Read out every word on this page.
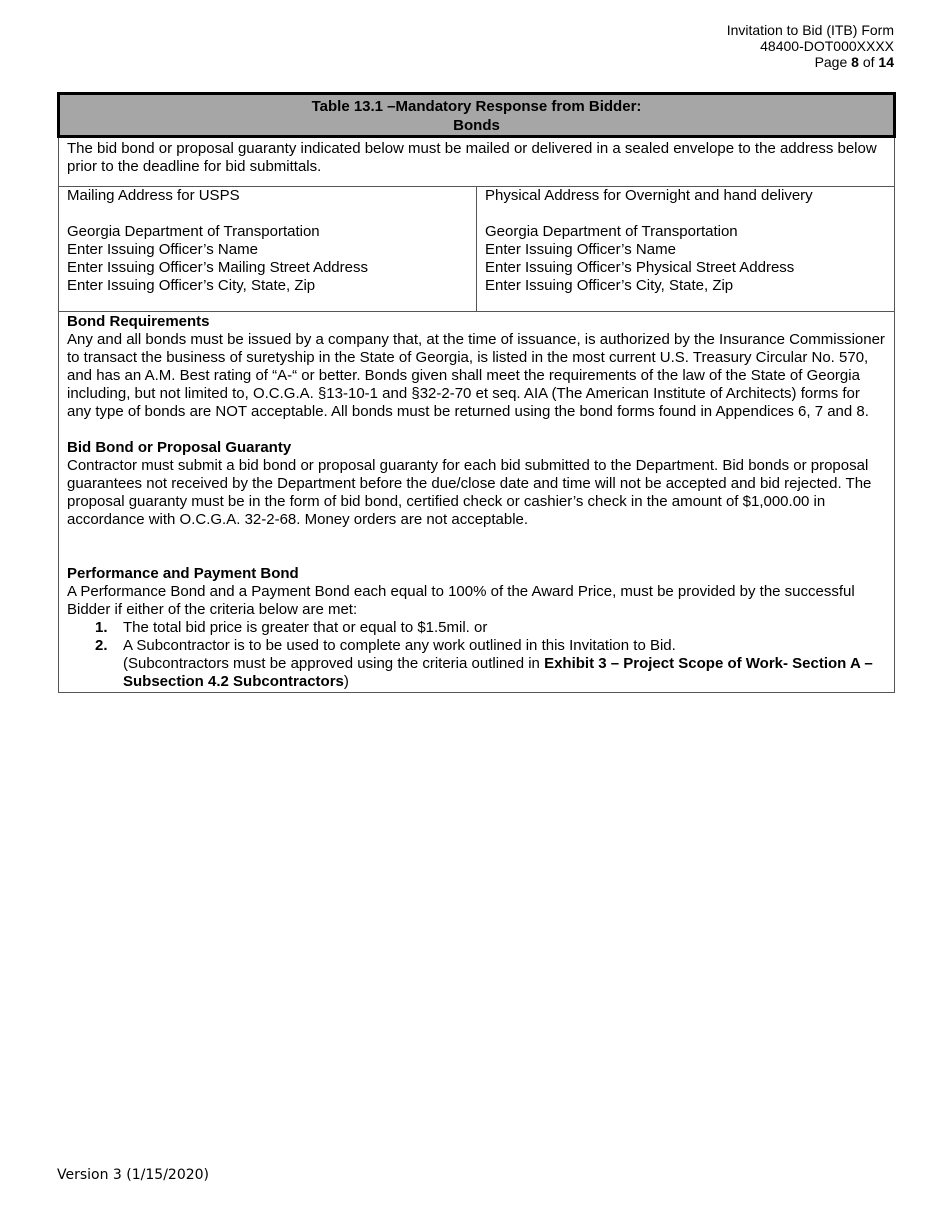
Invitation to Bid (ITB) Form
48400-DOT000XXXX
Page 8 of 14
Table 13.1 –Mandatory Response from Bidder:
Bonds

The bid bond or proposal guaranty indicated below must be mailed or delivered in a sealed envelope to the address below prior to the deadline for bid submittals.

Mailing Address for USPS
Georgia Department of Transportation
Enter Issuing Officer’s Name
Enter Issuing Officer’s Mailing Street Address
Enter Issuing Officer’s City, State, Zip

Physical Address for Overnight and hand delivery
Georgia Department of Transportation
Enter Issuing Officer’s Name
Enter Issuing Officer’s Physical Street Address
Enter Issuing Officer’s City, State, Zip

Bond Requirements
Any and all bonds must be issued by a company that, at the time of issuance, is authorized by the Insurance Commissioner to transact the business of suretyship in the State of Georgia, is listed in the most current U.S. Treasury Circular No. 570, and has an A.M. Best rating of “A-“ or better. Bonds given shall meet the requirements of the law of the State of Georgia including, but not limited to, O.C.G.A. §13-10-1 and §32-2-70 et seq. AIA (The American Institute of Architects) forms for any type of bonds are NOT acceptable. All bonds must be returned using the bond forms found in Appendices 6, 7 and 8.
Bid Bond or Proposal Guaranty
Contractor must submit a bid bond or proposal guaranty for each bid submitted to the Department. Bid bonds or proposal guarantees not received by the Department before the due/close date and time will not be accepted and bid rejected. The proposal guaranty must be in the form of bid bond, certified check or cashier’s check in the amount of $1,000.00 in accordance with O.C.G.A. 32-2-68. Money orders are not acceptable.
Performance and Payment Bond
A Performance Bond and a Payment Bond each equal to 100% of the Award Price, must be provided by the successful Bidder if either of the criteria below are met:
1.	The total bid price is greater that or equal to $1.5mil. or
2.	A Subcontractor is to be used to complete any work outlined in this Invitation to Bid.
(Subcontractors must be approved using the criteria outlined in Exhibit 3 – Project Scope of Work- Section A – Subsection 4.2 Subcontractors)
Version 3 (1/15/2020)
